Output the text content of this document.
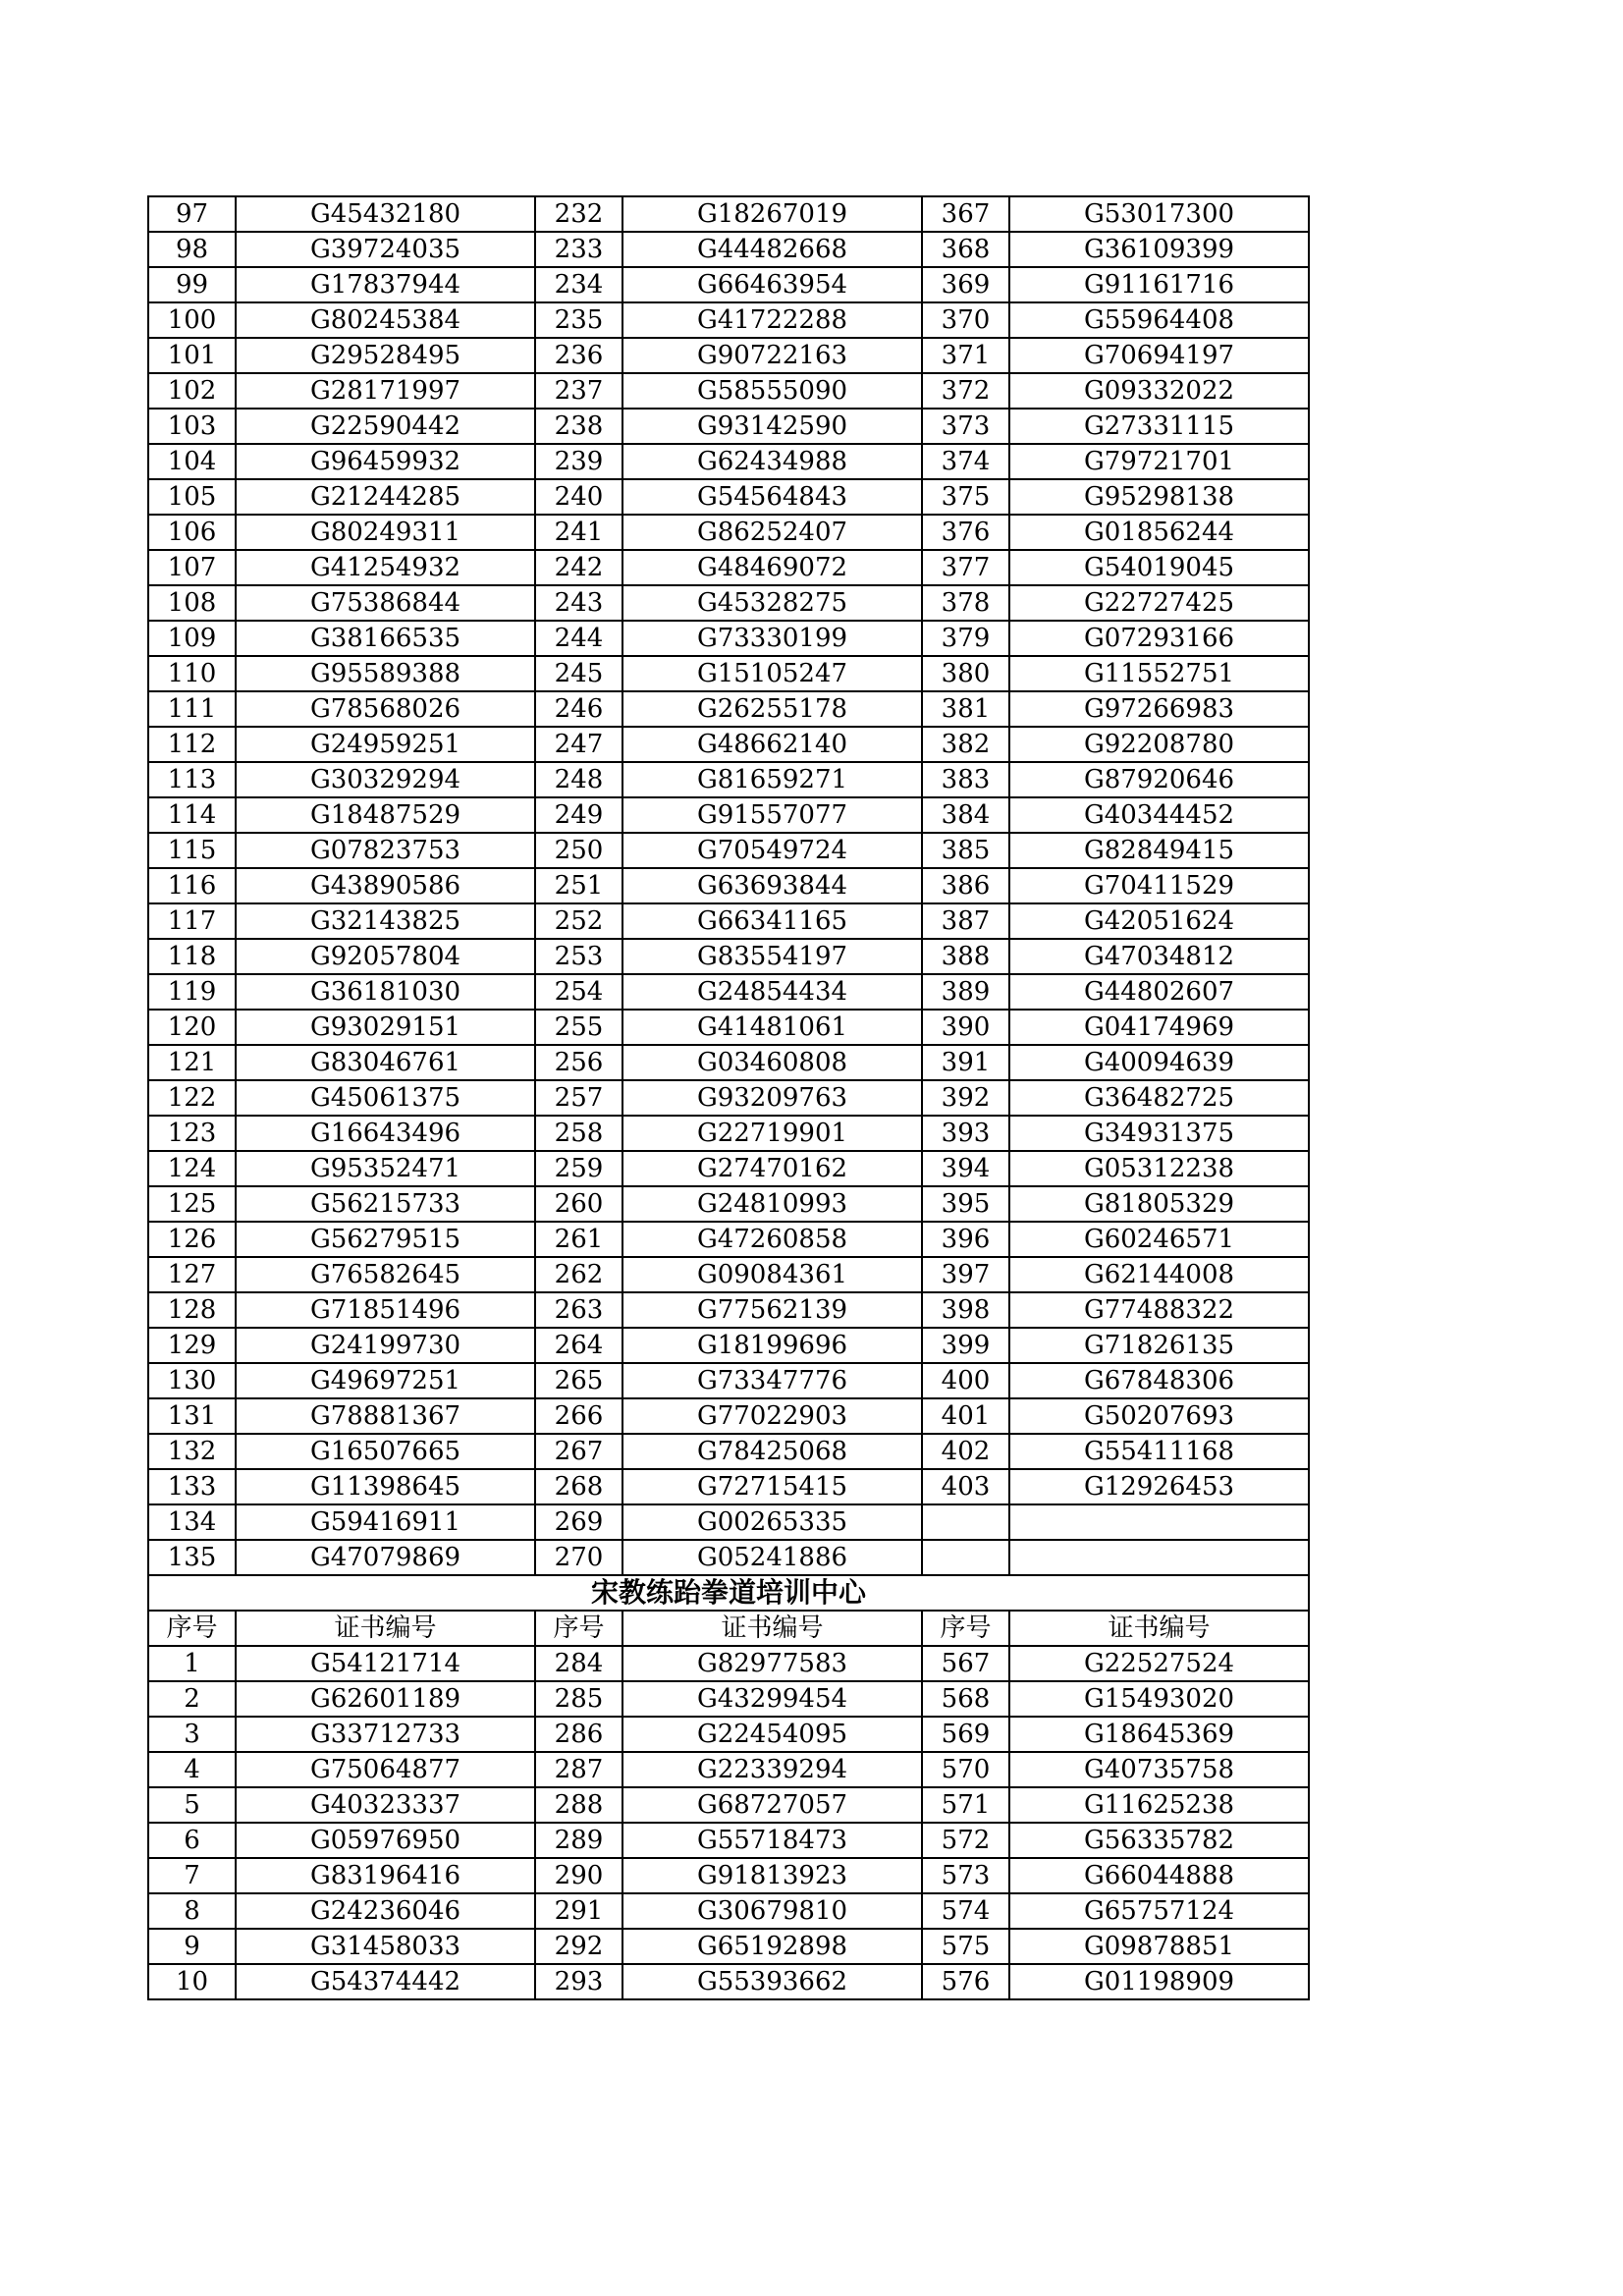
97	G45432180	232	G18267019	367	G53017300
98	G39724035	233	G44482668	368	G36109399
99	G17837944	234	G66463954	369	G91161716
100	G80245384	235	G41722288	370	G55964408
101	G29528495	236	G90722163	371	G70694197
102	G28171997	237	G58555090	372	G09332022
103	G22590442	238	G93142590	373	G27331115
104	G96459932	239	G62434988	374	G79721701
105	G21244285	240	G54564843	375	G95298138
106	G80249311	241	G86252407	376	G01856244
107	G41254932	242	G48469072	377	G54019045
108	G75386844	243	G45328275	378	G22727425
109	G38166535	244	G73330199	379	G07293166
110	G95589388	245	G15105247	380	G11552751
111	G78568026	246	G26255178	381	G97266983
112	G24959251	247	G48662140	382	G92208780
113	G30329294	248	G81659271	383	G87920646
114	G18487529	249	G91557077	384	G40344452
115	G07823753	250	G70549724	385	G82849415
116	G43890586	251	G63693844	386	G70411529
117	G32143825	252	G66341165	387	G42051624
118	G92057804	253	G83554197	388	G47034812
119	G36181030	254	G24854434	389	G44802607
120	G93029151	255	G41481061	390	G04174969
121	G83046761	256	G03460808	391	G40094639
122	G45061375	257	G93209763	392	G36482725
123	G16643496	258	G22719901	393	G34931375
124	G95352471	259	G27470162	394	G05312238
125	G56215733	260	G24810993	395	G81805329
126	G56279515	261	G47260858	396	G60246571
127	G76582645	262	G09084361	397	G62144008
128	G71851496	263	G77562139	398	G77488322
129	G24199730	264	G18199696	399	G71826135
130	G49697251	265	G73347776	400	G67848306
131	G78881367	266	G77022903	401	G50207693
132	G16507665	267	G78425068	402	G55411168
133	G11398645	268	G72715415	403	G12926453
134	G59416911	269	G00265335		
135	G47079869	270	G05241886		
宋教练跆拳道培训中心					
序号	证书编号	序号	证书编号	序号	证书编号
1	G54121714	284	G82977583	567	G22527524
2	G62601189	285	G43299454	568	G15493020
3	G33712733	286	G22454095	569	G18645369
4	G75064877	287	G22339294	570	G40735758
5	G40323337	288	G68727057	571	G11625238
6	G05976950	289	G55718473	572	G56335782
7	G83196416	290	G91813923	573	G66044888
8	G24236046	291	G30679810	574	G65757124
9	G31458033	292	G65192898	575	G09878851
10	G54374442	293	G55393662	576	G01198909
